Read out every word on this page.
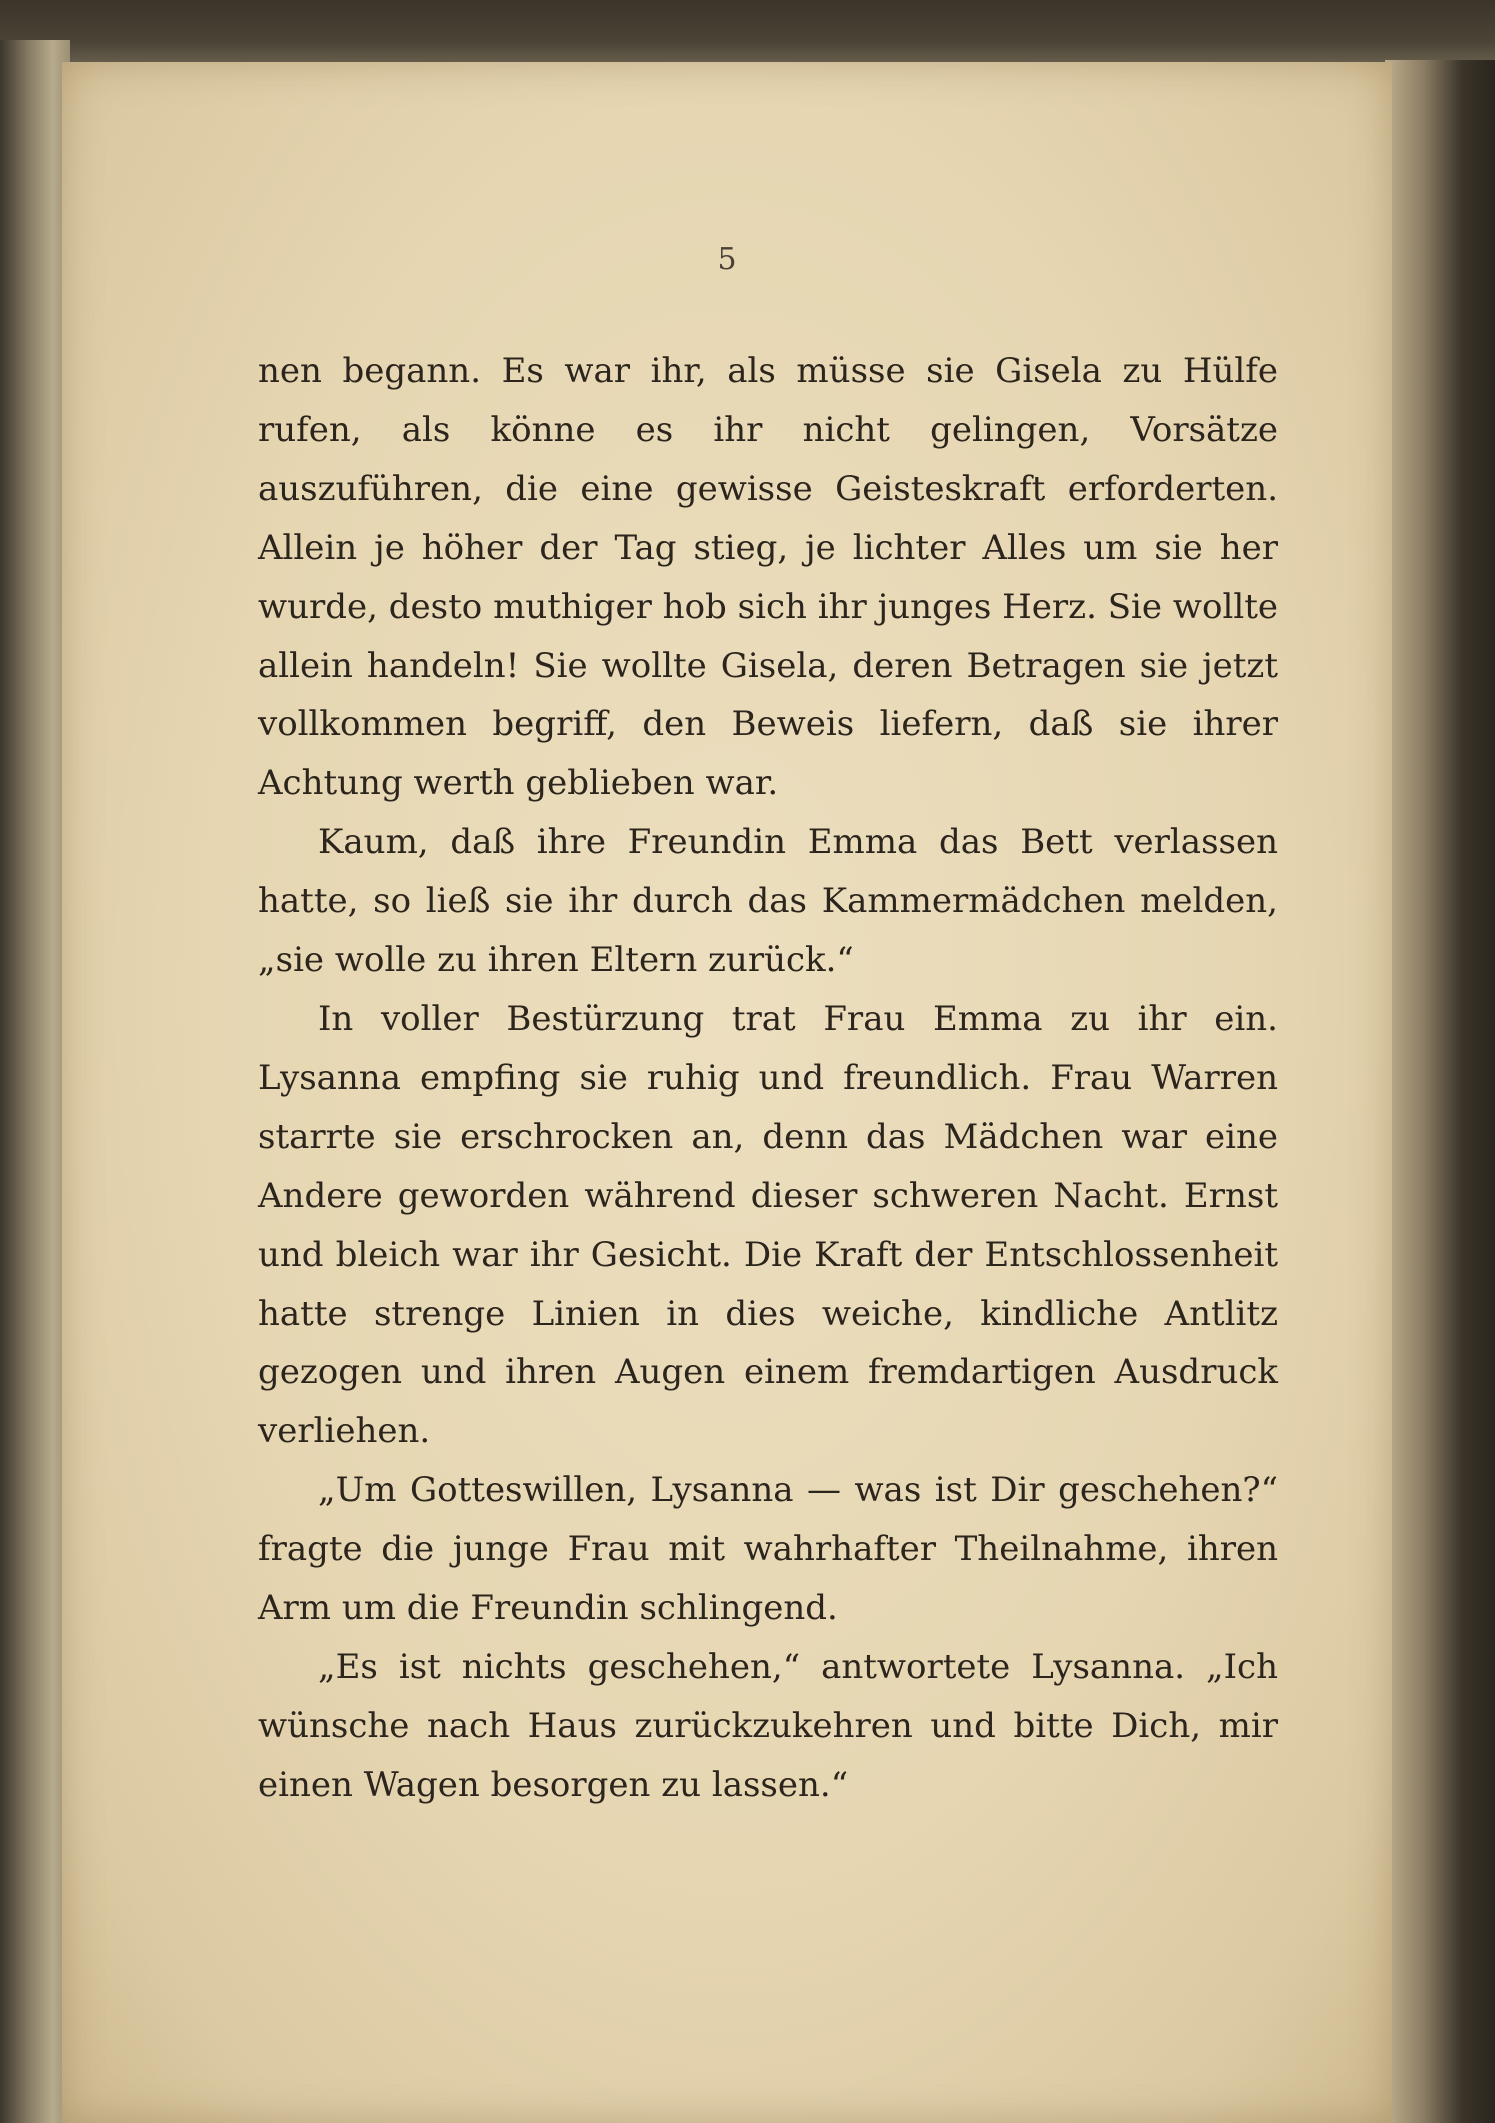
5

nen begann. Es war ihr, als müsse sie Gisela zu Hülfe rufen, als könne es ihr nicht gelingen, Vorsätze auszuführen, die eine gewisse Geisteskraft erforderten. Allein je höher der Tag stieg, je lichter Alles um sie her wurde, desto muthiger hob sich ihr junges Herz. Sie wollte allein handeln! Sie wollte Gisela, deren Betragen sie jetzt vollkommen begriff, den Beweis liefern, daß sie ihrer Achtung werth geblieben war.

Kaum, daß ihre Freundin Emma das Bett verlassen hatte, so ließ sie ihr durch das Kammermädchen melden, „sie wolle zu ihren Eltern zurück.“

In voller Bestürzung trat Frau Emma zu ihr ein. Lysanna empfing sie ruhig und freundlich. Frau Warren starrte sie erschrocken an, denn das Mädchen war eine Andere geworden während dieser schweren Nacht. Ernst und bleich war ihr Gesicht. Die Kraft der Entschlossenheit hatte strenge Linien in dies weiche, kindliche Antlitz gezogen und ihren Augen einem fremdartigen Ausdruck verliehen.

„Um Gotteswillen, Lysanna — was ist Dir geschehen?“ fragte die junge Frau mit wahrhafter Theilnahme, ihren Arm um die Freundin schlingend.

„Es ist nichts geschehen,“ antwortete Lysanna. „Ich wünsche nach Haus zurückzukehren und bitte Dich, mir einen Wagen besorgen zu lassen.“
